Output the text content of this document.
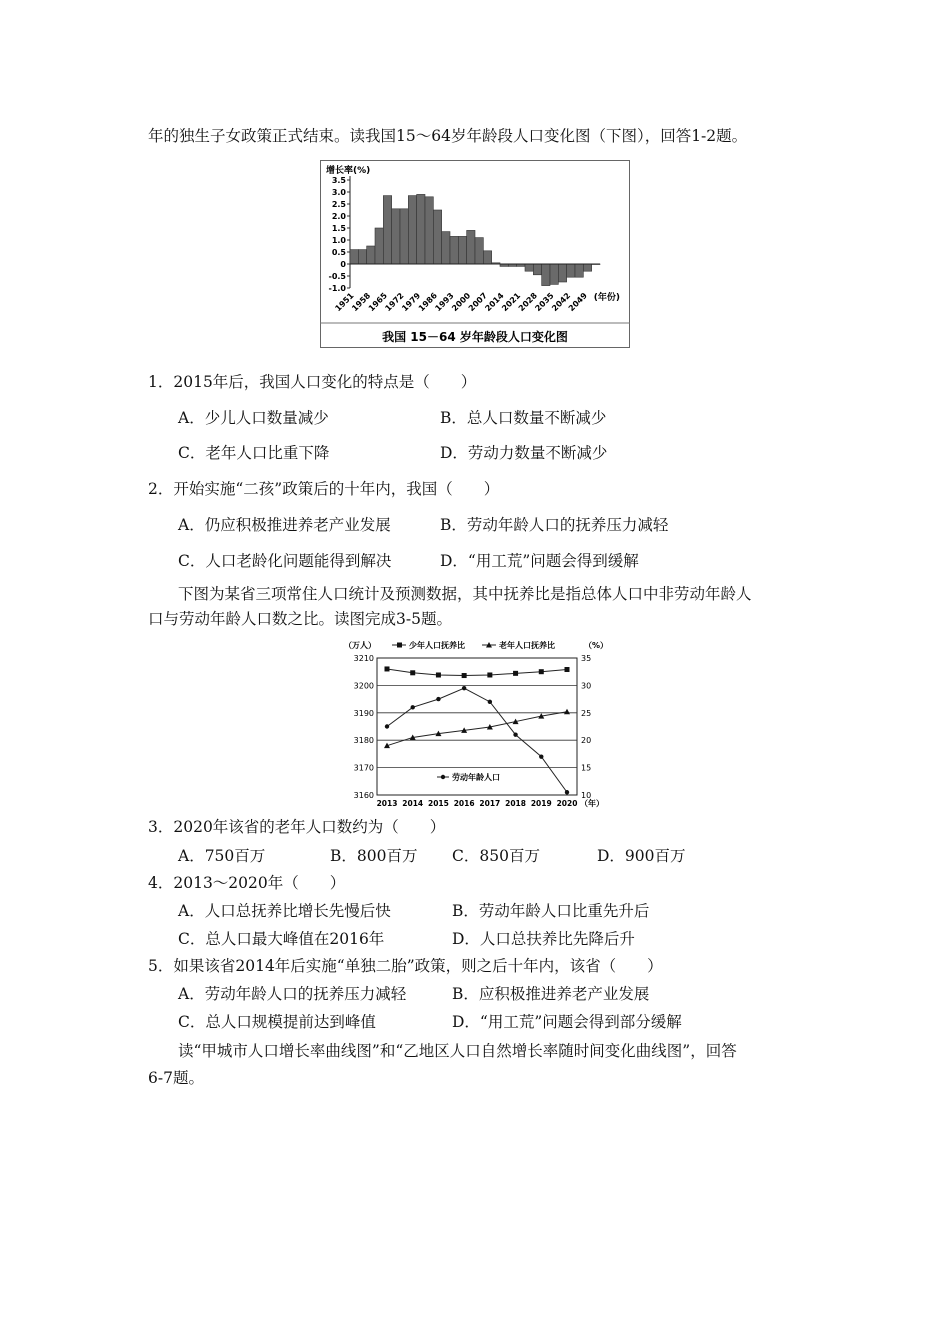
年的独生子女政策正式结束。读我国15～64岁年龄段人口变化图（下图），回答1-2题。
增长率(%)
(年份)
我国 15－64 岁年龄段人口变化图
3.5
3.0
2.5
2.0
1.5
1.0
0.5
0
-0.5
-1.0
1951
1958
1965
1972
1979
1986
1993
2000
2007
2014
2021
2028
2035
2042
2049
1．2015年后，我国人口变化的特点是（　　）
A．少儿人口数量减少	B．总人口数量不断减少
C．老年人口比重下降	D．劳动力数量不断减少
2．开始实施“二孩”政策后的十年内，我国（　　）
A．仍应积极推进养老产业发展	B．劳动年龄人口的抚养压力减轻
C．人口老龄化问题能得到解决	D．“用工荒”问题会得到缓解
下图为某省三项常住人口统计及预测数据，其中抚养比是指总体人口中非劳动年龄人
口与劳动年龄人口数之比。读图完成3-5题。
（万人）	（%）
少年人口抚养比	老年人口抚养比
（年）
3210
3200
3190
3180
3170
3160
35
30
25
20
15
10
2013 2014 2015 2016 2017 2018 2019 2020
劳动年龄人口
3．2020年该省的老年人口数约为（　　）
A．750百万	B．800百万 C．850百万	D．900百万
4．2013～2020年（　　）
A．人口总抚养比增长先慢后快	B．劳动年龄人口比重先升后
C．总人口最大峰值在2016年	D．人口总扶养比先降后升
5．如果该省2014年后实施“单独二胎”政策，则之后十年内，该省（　　）
A．劳动年龄人口的抚养压力减轻	B．应积极推进养老产业发展
C．总人口规模提前达到峰值	D．“用工荒”问题会得到部分缓解
读“甲城市人口增长率曲线图”和“乙地区人口自然增长率随时间变化曲线图”，回答
6-7题。
